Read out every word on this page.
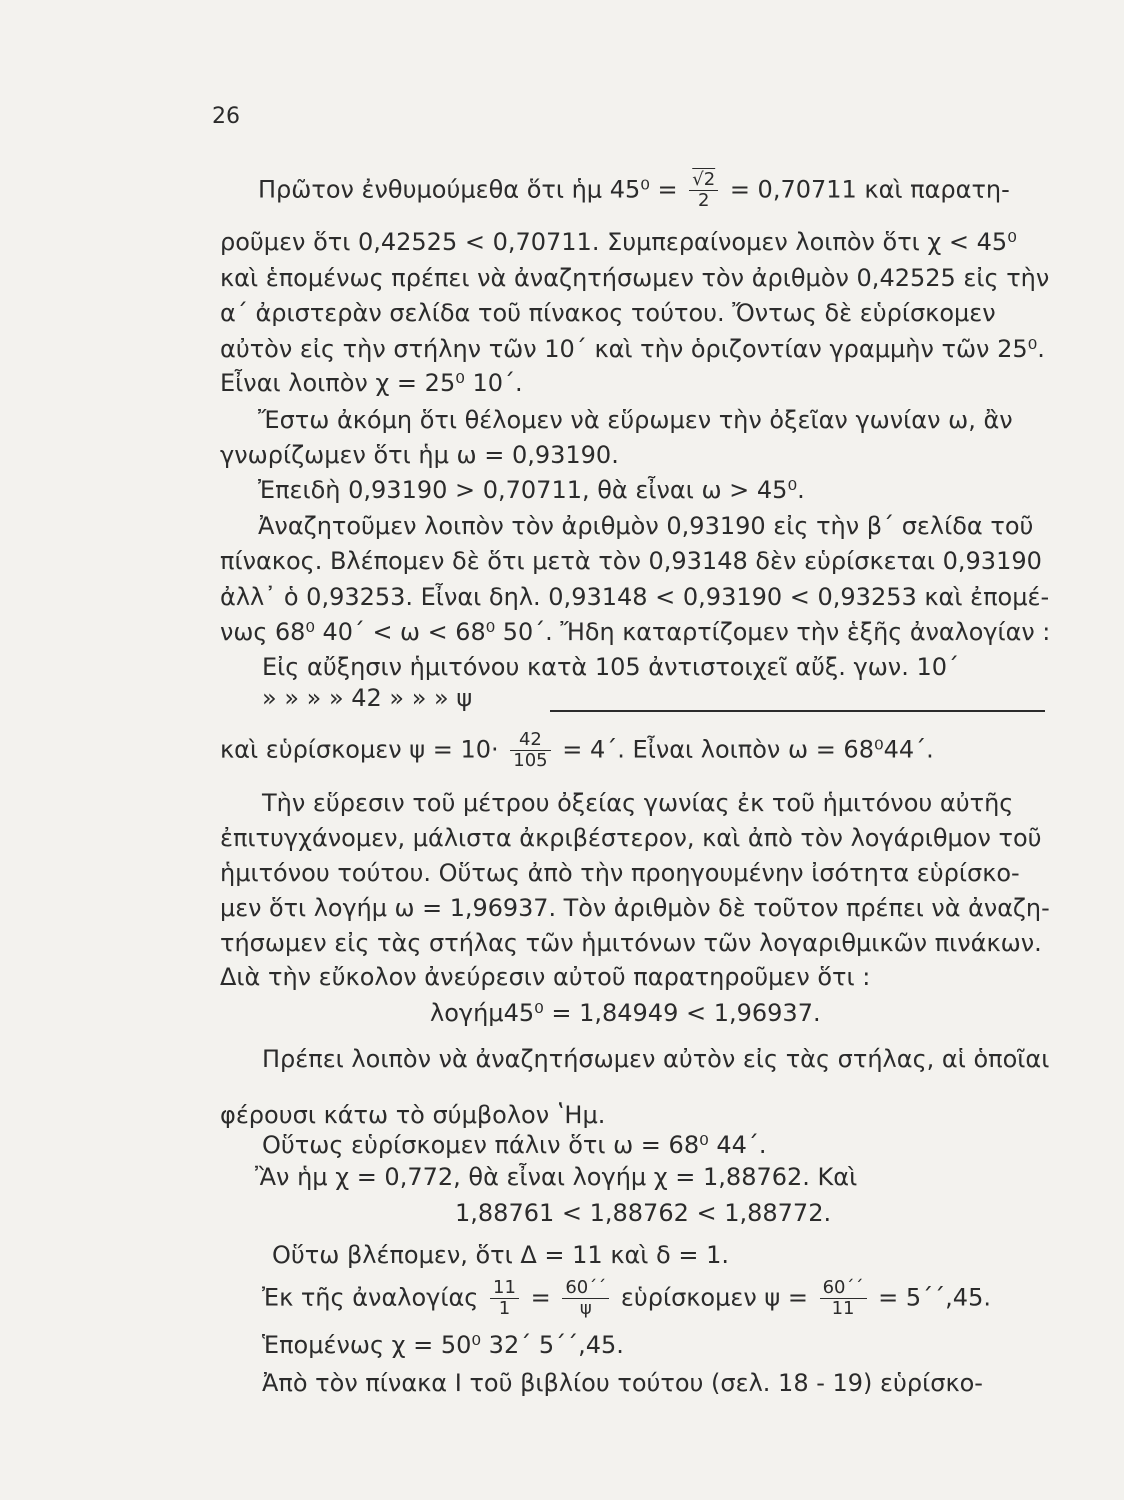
26
Πρῶτον ἐνθυμούμεθα ὅτι ἡμ $45^0 = \frac{√2}{2} = 0,70711$ καὶ παρατη-
ροῦμεν ὅτι 0,42525 < 0,70711. Συμπεραίνομεν λοιπὸν ὅτι χ < 45⁰
καὶ ἑπομένως πρέπει νὰ ἀναζητήσωμεν τὸν ἀριθμὸν 0,42525 εἰς τὴν
α΄ ἀριστερὰν σελίδα τοῦ πίνακος τούτου. Ὄντως δὲ εὑρίσκομεν
αὐτὸν εἰς τὴν στήλην τῶν 10΄ καὶ τὴν ὁριζοντίαν γραμμὴν τῶν 25⁰.
Εἶναι λοιπὸν χ = 25⁰ 10΄.
Ἔστω ἀκόμη ὅτι θέλομεν νὰ εὕρωμεν τὴν ὀξεῖαν γωνίαν ω, ἂν
γνωρίζωμεν ὅτι ἡμ ω = 0,93190.
Ἐπειδὴ 0,93190 > 0,70711, θὰ εἶναι ω > 45⁰.
Ἀναζητοῦμεν λοιπὸν τὸν ἀριθμὸν 0,93190 εἰς τὴν β΄ σελίδα τοῦ
πίνακος. Βλέπομεν δὲ ὅτι μετὰ τὸν 0,93148 δὲν εὑρίσκεται 0,93190
ἀλλ᾽ ὁ 0,93253. Εἶναι δηλ. 0,93148 < 0,93190 < 0,93253 καὶ ἐπομέ-
νως 68⁰ 40΄ < ω < 68⁰ 50΄. Ἤδη καταρτίζομεν τὴν ἑξῆς ἀναλογίαν :
Εἰς αὔξησιν ἡμιτόνου κατὰ 105 ἀντιστοιχεῖ αὔξ. γων. 10΄
» » » » 42 » » » ψ
καὶ εὑρίσκομεν $\psi = 10\cdot \frac{42}{105} = 4΄$. Εἶναι λοιπὸν ω = 68⁰44΄.
Τὴν εὕρεσιν τοῦ μέτρου ὀξείας γωνίας ἐκ τοῦ ἡμιτόνου αὐτῆς
ἐπιτυγχάνομεν, μάλιστα ἀκριβέστερον, καὶ ἀπὸ τὸν λογάριθμον τοῦ
ἡμιτόνου τούτου. Οὕτως ἀπὸ τὴν προηγουμένην ἰσότητα εὑρίσκο-
μεν ὅτι λογήμ ω = 1,96937. Τὸν ἀριθμὸν δὲ τοῦτον πρέπει νὰ ἀναζη-
τήσωμεν εἰς τὰς στήλας τῶν ἡμιτόνων τῶν λογαριθμικῶν πινάκων.
Διὰ τὴν εὔκολον ἀνεύρεσιν αὐτοῦ παρατηροῦμεν ὅτι :
λογήμ45⁰ = 1,84949 < 1,96937.
Πρέπει λοιπὸν νὰ ἀναζητήσωμεν αὐτὸν εἰς τὰς στήλας, αἱ ὁποῖαι
φέρουσι κάτω τὸ σύμβολον ʽΗμ.
Οὕτως εὑρίσκομεν πάλιν ὅτι ω = 68⁰ 44΄.
Ἂν ἡμ χ = 0,772, θὰ εἶναι λογήμ χ = 1,88762. Καὶ
1,88761 < 1,88762 < 1,88772.
Οὕτω βλέπομεν, ὅτι Δ = 11 καὶ δ = 1.
Ἐκ τῆς ἀναλογίας $\frac{11}{1} = \frac{60΄΄}{\psi}$ εὑρίσκομεν $\psi = \frac{60΄΄}{11} = 5΄΄,45$.
Ἑπομένως χ = 50⁰ 32΄ 5΄΄,45.
Ἀπὸ τὸν πίνακα Ι τοῦ βιβλίου τούτου (σελ. 18 - 19) εὑρίσκο-
